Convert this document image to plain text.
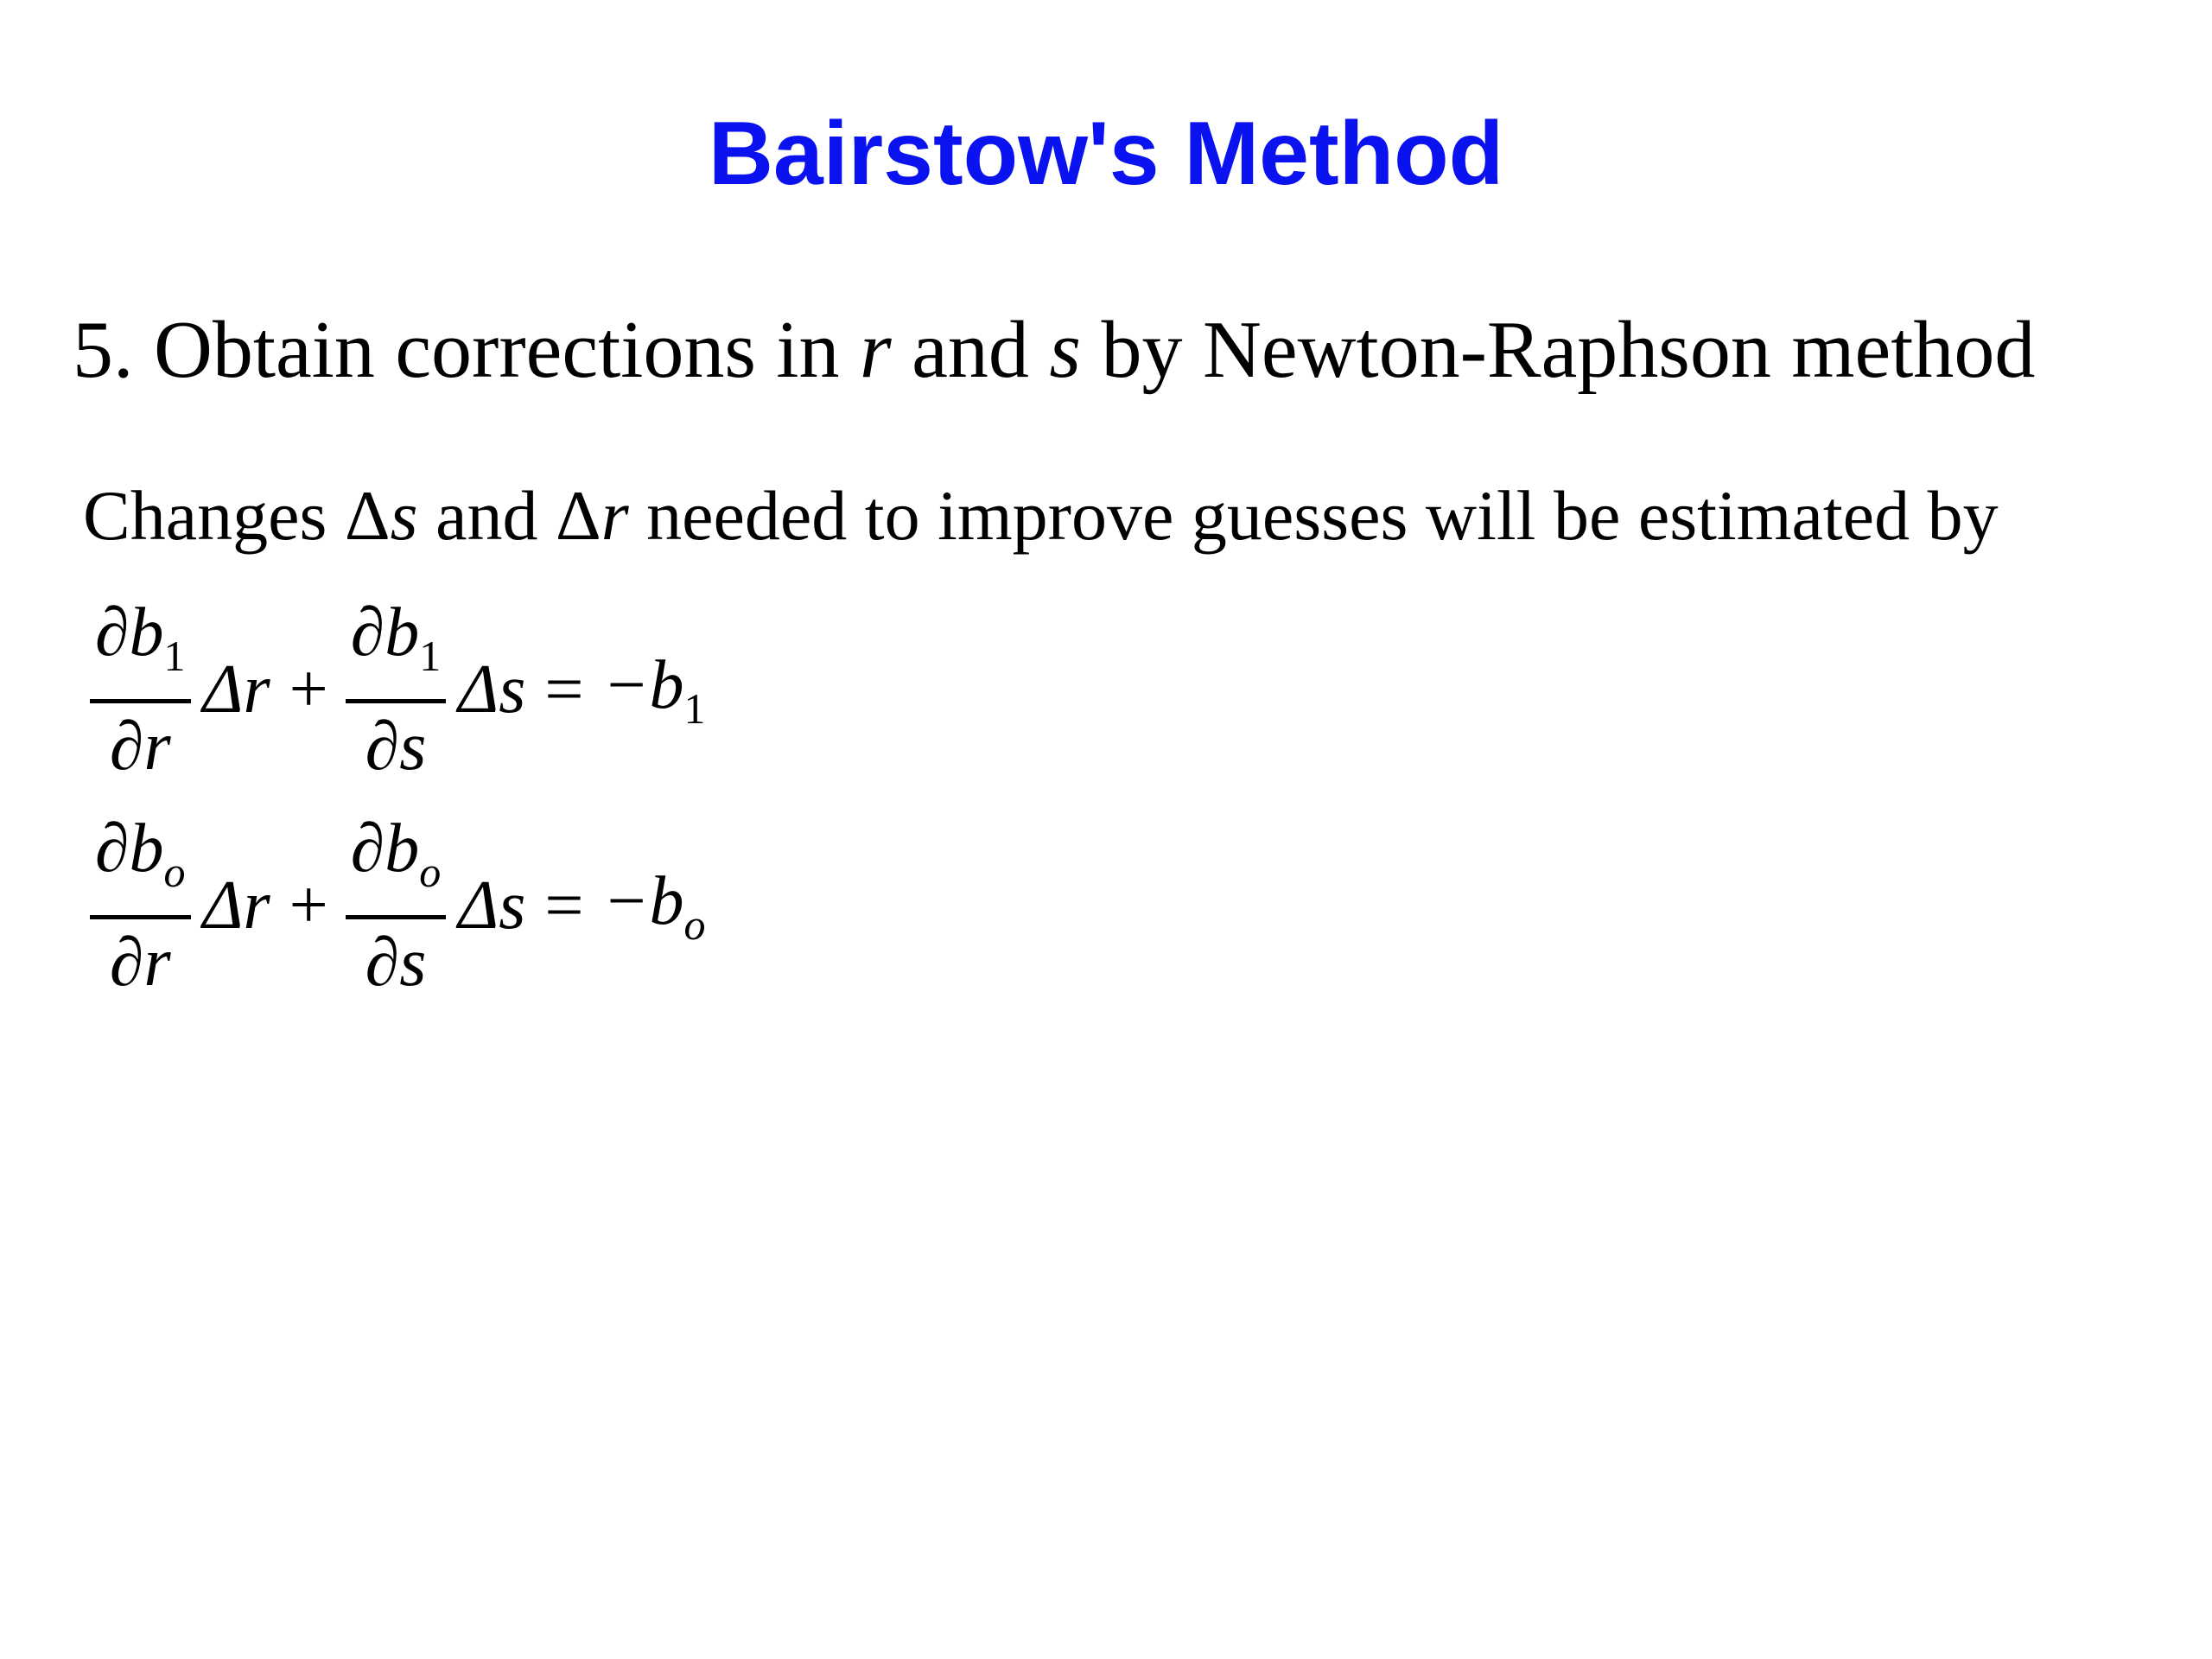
Bairstow's Method

5. Obtain corrections in r and s by Newton-Raphson method

Changes Δs and Δr needed to improve guesses will be estimated by

$\partial b_1$
∂r
Δr +
$\partial b_1$
∂s
$\Delta s = -b_1$
$\partial b_o$
∂r
Δr +
$\partial b_o$
∂s
$\Delta s = -b_o$
